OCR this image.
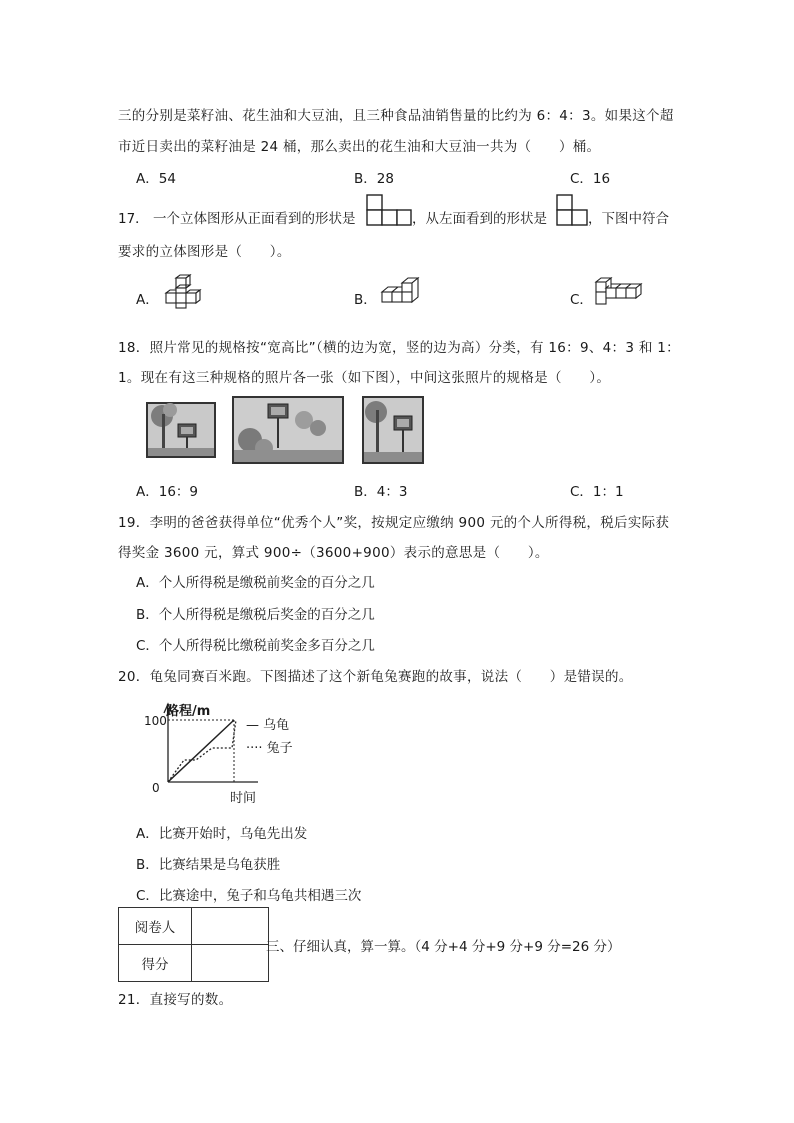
三的分别是菜籽油、花生油和大豆油，且三种食品油销售量的比约为 6：4：3。如果这个超
市近日卖出的菜籽油是 24 桶，那么卖出的花生油和大豆油一共为（　　）桶。
A．54	B．28	C．16
17． 一个立体图形从正面看到的形状是	，从左面看到的形状是	，下图中符合
要求的立体图形是（　　）。
A．	B．	C．
18．照片常见的规格按“宽高比”（横的边为宽，竖的边为高）分类，有 16：9、4：3 和 1：
1。现在有这三种规格的照片各一张（如下图），中间这张照片的规格是（　　）。
A．16：9	B．4：3	C．1：1
19．李明的爸爸获得单位“优秀个人”奖，按规定应缴纳 900 元的个人所得税，税后实际获
得奖金 3600 元，算式 900÷（3600+900）表示的意思是（　　）。
A．个人所得税是缴税前奖金的百分之几
B．个人所得税是缴税后奖金的百分之几
C．个人所得税比缴税前奖金多百分之几
20．龟兔同赛百米跑。下图描述了这个新龟兔赛跑的故事，说法（　　）是错误的。
路程/m
100
0
时间
— 乌龟
···· 兔子
A．比赛开始时，乌龟先出发
B．比赛结果是乌龟获胜
C．比赛途中，兔子和乌龟共相遇三次
阅卷人	
得分	
三、仔细认真，算一算。（4 分+4 分+9 分+9 分=26 分）
21．直接写的数。
